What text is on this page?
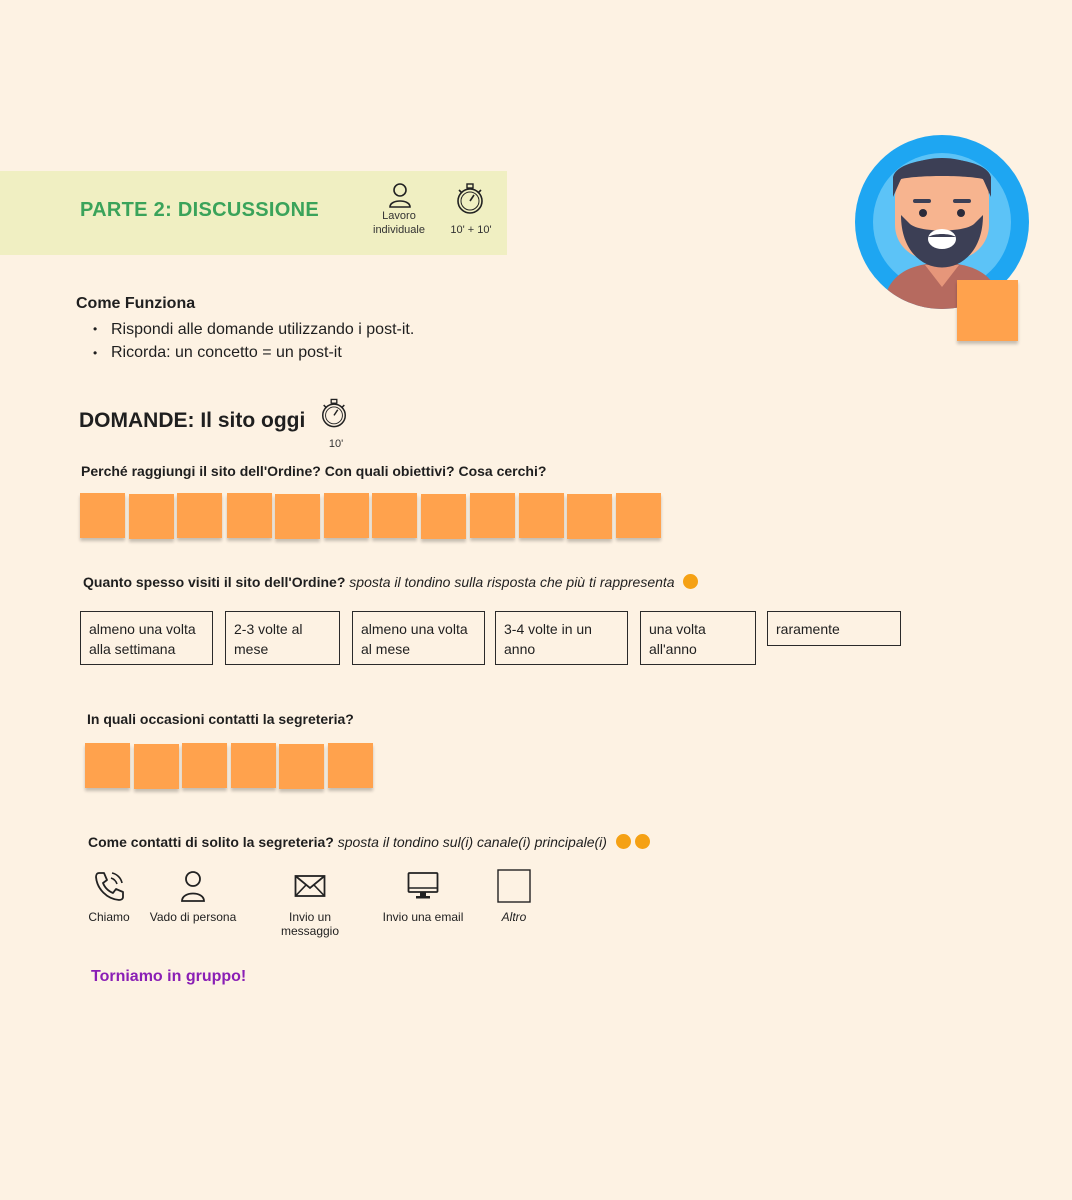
PARTE 2: DISCUSSIONE	Lavoro individuale	10' + 10'
Come Funziona
• Rispondi alle domande utilizzando i post-it.
• Ricorda: un concetto = un post-it
DOMANDE: Il sito oggi
10'
Perché raggiungi il sito dell'Ordine? Con quali obiettivi? Cosa cerchi?
Quanto spesso visiti il sito dell'Ordine? sposta il tondino sulla risposta che più ti rappresenta
almeno una volta alla settimana
2-3 volte al mese
almeno una volta al mese
3-4 volte in un anno
una volta all'anno
raramente
In quali occasioni contatti la segreteria?
Come contatti di solito la segreteria? sposta il tondino sul(i) canale(i) principale(i)
Chiamo	Vado di persona	Invio un messaggio
Invio una email	Altro
Torniamo in gruppo!
